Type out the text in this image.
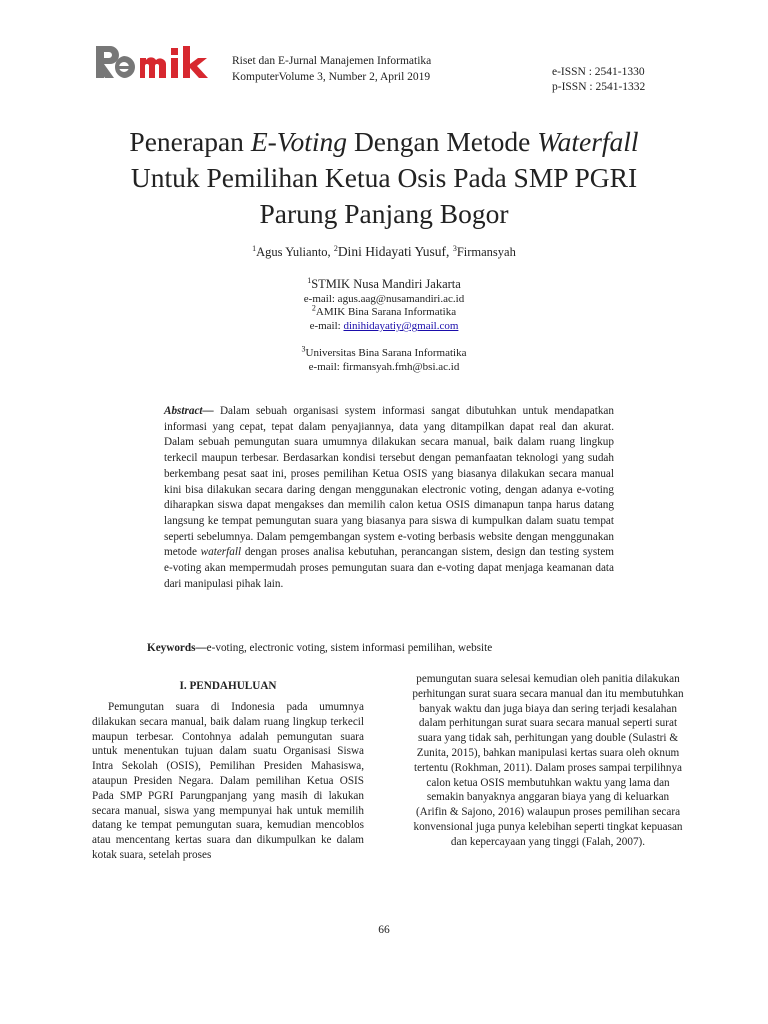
Riset dan E-Jurnal Manajemen Informatika
KomputerVolume 3, Number 2, April 2019	e-ISSN : 2541-1330
p-ISSN : 2541-1332
Penerapan E-Voting Dengan Metode Waterfall
Untuk Pemilihan Ketua Osis Pada SMP PGRI
Parung Panjang Bogor
$^1$Agus Yulianto, $^2$Dini Hidayati Yusuf, $^3$Firmansyah
$^1$STMIK Nusa Mandiri Jakarta
e-mail: agus.aag@nusamandiri.ac.id
$^2$AMIK Bina Sarana Informatika
e-mail: dinihidayatiy@gmail.com
$^3$Universitas Bina Sarana Informatika
e-mail: firmansyah.fmh@bsi.ac.id
Abstract— Dalam sebuah organisasi system informasi sangat dibutuhkan untuk mendapatkan informasi yang cepat, tepat dalam penyajiannya, data yang ditampilkan dapat real dan akurat. Dalam sebuah pemungutan suara umumnya dilakukan secara manual, baik dalam ruang lingkup terkecil maupun terbesar. Berdasarkan kondisi tersebut dengan pemanfaatan teknologi yang sudah berkembang pesat saat ini, proses pemilihan Ketua OSIS yang biasanya dilakukan secara manual kini bisa dilakukan secara daring dengan menggunakan electronic voting, dengan adanya e-voting diharapkan siswa dapat mengakses dan memilih calon ketua OSIS dimanapun tanpa harus datang langsung ke tempat pemungutan suara yang biasanya para siswa di kumpulkan dalam suatu tempat seperti sebelumnya. Dalam pemgembangan system e-voting berbasis website dengan menggunakan metode waterfall dengan proses analisa kebutuhan, perancangan sistem, design dan testing system e-voting akan mempermudah proses pemungutan suara dan e-voting dapat menjaga keamanan data dari manipulasi pihak lain.
Keywords—e-voting, electronic voting, sistem informasi pemilihan, website
I. PENDAHULUAN

Pemungutan suara di Indonesia pada umumnya dilakukan secara manual, baik dalam ruang lingkup terkecil maupun terbesar. Contohnya adalah pemungutan suara untuk menentukan tujuan dalam suatu Organisasi Siswa Intra Sekolah (OSIS), Pemilihan Presiden Mahasiswa, ataupun Presiden Negara. Dalam pemilihan Ketua OSIS Pada SMP PGRI Parungpanjang yang masih di lakukan secara manual, siswa yang mempunyai hak untuk memilih datang ke tempat pemungutan suara, kemudian mencoblos atau mencentang kertas suara dan dikumpulkan ke dalam kotak suara, setelah proses

pemungutan suara selesai kemudian oleh panitia dilakukan perhitungan surat suara secara manual dan itu membutuhkan banyak waktu dan juga biaya dan sering terjadi kesalahan dalam perhitungan surat suara secara manual seperti surat suara yang tidak sah, perhitungan yang double (Sulastri & Zunita, 2015), bahkan manipulasi kertas suara oleh oknum tertentu (Rokhman, 2011). Dalam proses sampai terpilihnya calon ketua OSIS membutuhkan waktu yang lama dan semakin banyaknya anggaran biaya yang di keluarkan (Arifin & Sajono, 2016) walaupun proses pemilihan secara konvensional juga punya kelebihan seperti tingkat kepuasan dan kepercayaan yang tinggi (Falah, 2007).

66
